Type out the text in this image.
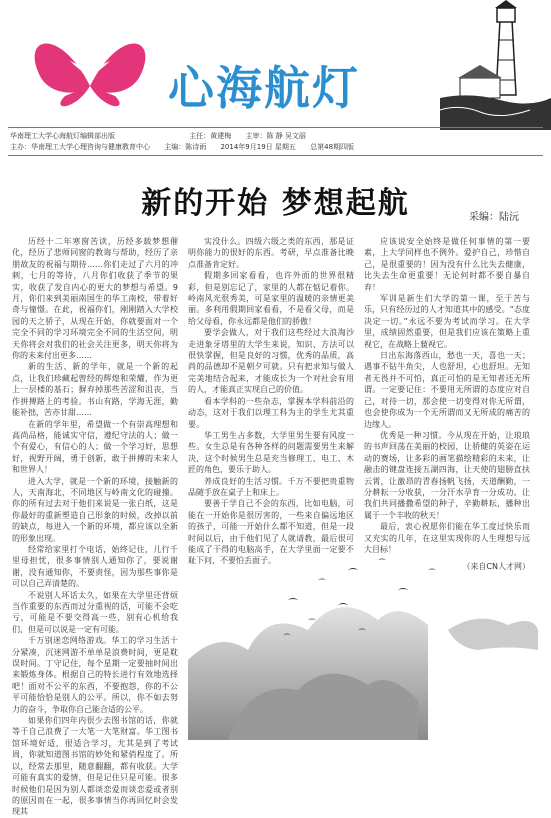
心海航灯
华南理工大学心海航灯编辑部出版	主任：黄建梅 主审：陈 静 吴文丽
主办：华南理工大学心理咨询与健康教育中心 主编：陈诗雨 2014年9月19日 星期五 总第48期四版
新的开始 梦想起航	采编：陆沅

历经十二年寒窗苦读，历经多载梦想催化，经历了悲师同窗的教诲与帮助，经历了亲朋故友的祝福与期待……你们走过了六月的冲刺，七月的等待，八月你们收获了季节的果实，收获了发自内心的更大的梦想与希望。9月，你们来到美丽南国生的华工南校，带着好奇与憧憬。在此，祝福你们，刚刚踏入大学校园的天之骄子，从现在开始，你就要面对一个完全不同的学习环境完全不同的生活空间，明天你将会对我们的社会关注更多，明天你将为你的未来付出更多……

新的生活、新的学年，就是一个新的起点，让我们珍藏起曾经的辉煌和荣耀，作为更上一层楼的基石；摒弃掉那些苦涩和沮丧，当作拼搏路上的考验。书山有路，学海无涯，勤能补拙，苦亦甘甜……

在新的学年里，希望做一个有崇高理想和高尚品格，能诚实守信，遵纪守法的人；做一个有爱心，有信心的人；做一个学习好，思想好，视野开阔，勇于创新，敢于拼搏的未来人和世界人！

进入大学，就是一个新的环境，接触新的人，天南海北，不同地区与岭南文化的碰撞。你的所有过去对于他们来说是一张白纸，这是你最好的重新塑造自己形象的时候，改掉以前的缺点，每进入一个新的环境，都应该以全新的形象出现。

经常给家里打个电话，始终记住，儿行千里母担忧，很多事情别人通知你了，要说谢谢，没有通知你，不要责怪，因为那些事你是可以自己弄清楚的。

不说别人坏话太久，如果在大学里还背烦当作重要的东西而过分重视的话，可能不会吃亏，可能是不要交得高一些，别有心机给我们，但是可以说是一定有可能。

千万别迷恋网络游戏。华工的学习生活十分紧凑，沉迷网游不单单是浪费时间，更是耽误时间。丁守记住，每个星期一定要抽时间出来锻炼身体。根据自己的特长进行有效地选择吧！面对不公平的东西，不要抱怨，你的不公平可能恰恰是别人的公平。所以，你不如去努力的奋斗，争取你自己能合适的公平。

如果你们四年内很少去图书馆的话，你就等于自己浪费了一大笔一大笔财富。华工图书馆环境好适，很适合学习，尤其是到了考试周，你就知道图书馆的妙处和紧俏程度了。所以，经常去那里，随意翻翻，都有收获。大学可能有真实的爱情，但是记住只是可能。很多时候他们是因为别人都谈恋爱而谈恋爱或者别的原因而在一起，很多事情当你再回忆时会发现其

实没什么。四级六级之类的东西，那是证明你能力的很好的东西。考研，早点准备比晚点准备肯定好。

假期多回家看看，也许外面的世界很精彩，但是别忘记了，家里的人都在惦记着你。岭南风光很秀美，可是家里的温暖的亲情更美丽。多利用假期回家看看，不是看父母，而是给父母看，你永远都是他们的骄傲！

要学会做人，对于我们这些经过大浪淘沙走进象牙塔里的大学生来说，知识、方法可以很快掌握，但是良好的习惯，优秀的品质，高尚的品德却不是朝夕可就。只有把求知与做人完美地结合起来，才能成长为一个对社会有用的人，才能真正实现自己的价值。

看本学科的一些杂志，掌握本学科前沿的动态，这对于我们以理工科为主的学生尤其重要。

华工男生占多数，大学里男生要有风度一些。女生总是有各种各样的问题需要男生来解决，这个时候男生总是充当修理工、电工、木匠的角色，要乐于助人。

养成良好的生活习惯。千万不要把贵重物品随手放在桌子上和床上。

要善于学自己不会的东西，比如电脑，可能在一开始你是很厉害的，一些来自偏远地区的孩子，可能一开始什么都不知道，但是一段时间以后，由于他们见了人就请教，最后很可能成了干得的电脑高手，在大学里面一定要不耻下问，不要怕丢面子。

应该说安全始终是做任何事情的第一要素，上大学同样也不例外。爱护自己，珍惜自己，是很重要的！因为没有什么比失去健康，比失去生命更重要！无论何时都不要自暴自弃！

军训是新生们大学的第一课，至于苦与乐，只有经历过的人才知道其中的感受。“态度决定一切。”永远不要为考试而学习。在大学里，成绩固然重要，但是我们应该在策略上重视它，在战略上藐视它。

日出东海落西山，愁也一天，喜也一天；遇事不钻牛角尖，人也舒坦，心也舒坦。无知者无畏并不可怕，真正可怕的是无知者还无所谓。一定要记住：不要用无所谓的态度应对自己，对待一切，那会使一切变得对你无所谓，也会使你成为一个无所谓而又无所成的痛苦的边缘人。

优秀是一种习惯。今从现在开始，让琅琅的书声回荡在美丽的校园，让骄健的英姿在运动的赛场，让多彩的画笔描绘精彩的未来，让融击的键盘连接五湖四海，让天使的翅膀直扶云霄，让激昂的青春扬帆飞扬，天道酬勤，一分耕耘一分收获，一分汗水孕育一分成功。让我们共同播撒希望的种子，辛勤耕耘，播种出属于一个丰收的秋天！

最后，衷心祝愿你们能在华工度过快乐而又充实的几年，在这里实现你的人生理想与远大目标！

（来自CN人才网）
